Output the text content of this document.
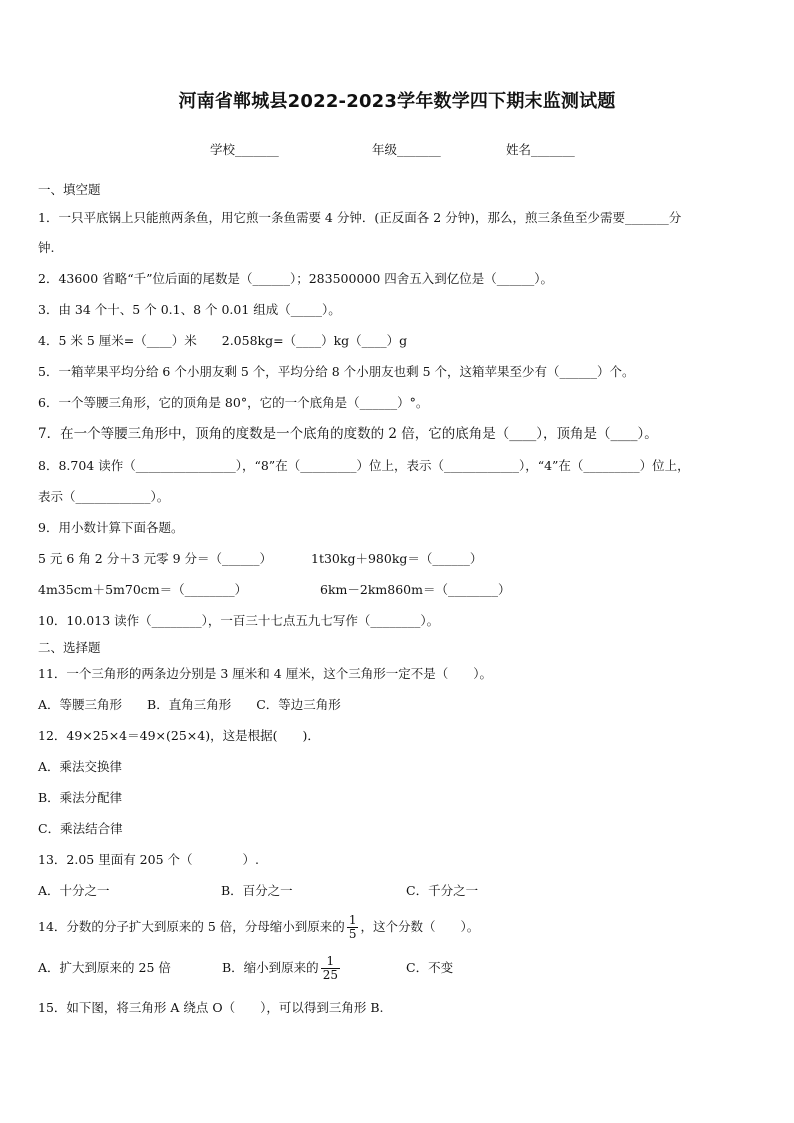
河南省郸城县2022-2023学年数学四下期末监测试题
学校_______	年级_______	姓名_______
一、填空题
1．一只平底锅上只能煎两条鱼，用它煎一条鱼需要 4 分钟．(正反面各 2 分钟)，那么，煎三条鱼至少需要_______分
钟.
2．43600 省略“千”位后面的尾数是（______）；283500000 四舍五入到亿位是（______）。
3．由 34 个十、5 个 0.1、8 个 0.01 组成（_____）。
4．5 米 5 厘米=（____）米　　2.058kg=（____）kg（____）g
5．一箱苹果平均分给 6 个小朋友剩 5 个，平均分给 8 个小朋友也剩 5 个，这箱苹果至少有（______）个。
6．一个等腰三角形，它的顶角是 80°，它的一个底角是（______）°。
7．在一个等腰三角形中，顶角的度数是一个底角的度数的 2 倍，它的底角是（____），顶角是（____）。
8．8.704 读作（________________），“8”在（_________）位上，表示（____________），“4”在（_________）位上，
表示（____________）。
9．用小数计算下面各题。
5 元 6 角 2 分＋3 元零 9 分＝（______）	1t30kg＋980kg＝（______）
4m35cm＋5m70cm＝（________）	6km－2km860m＝（________）
10．10.013 读作（________），一百三十七点五九七写作（________）。
二、选择题
11．一个三角形的两条边分别是 3 厘米和 4 厘米，这个三角形一定不是（　　）。
A．等腰三角形　　B．直角三角形　　C．等边三角形
12．49×25×4＝49×(25×4)，这是根据(　　)．
A．乘法交换律
B．乘法分配律
C．乘法结合律
13．2.05 里面有 205 个（　　　　）.
A．十分之一	B．百分之一	C．千分之一
14．分数的分子扩大到原来的 5 倍，分母缩小到原来的 $\frac{1}{5}$ ，这个分数（　　）。
A．扩大到原来的 25 倍	B．缩小到原来的 $\frac{1}{25}$	C．不变
15．如下图，将三角形 A 绕点 O（　　），可以得到三角形 B.
